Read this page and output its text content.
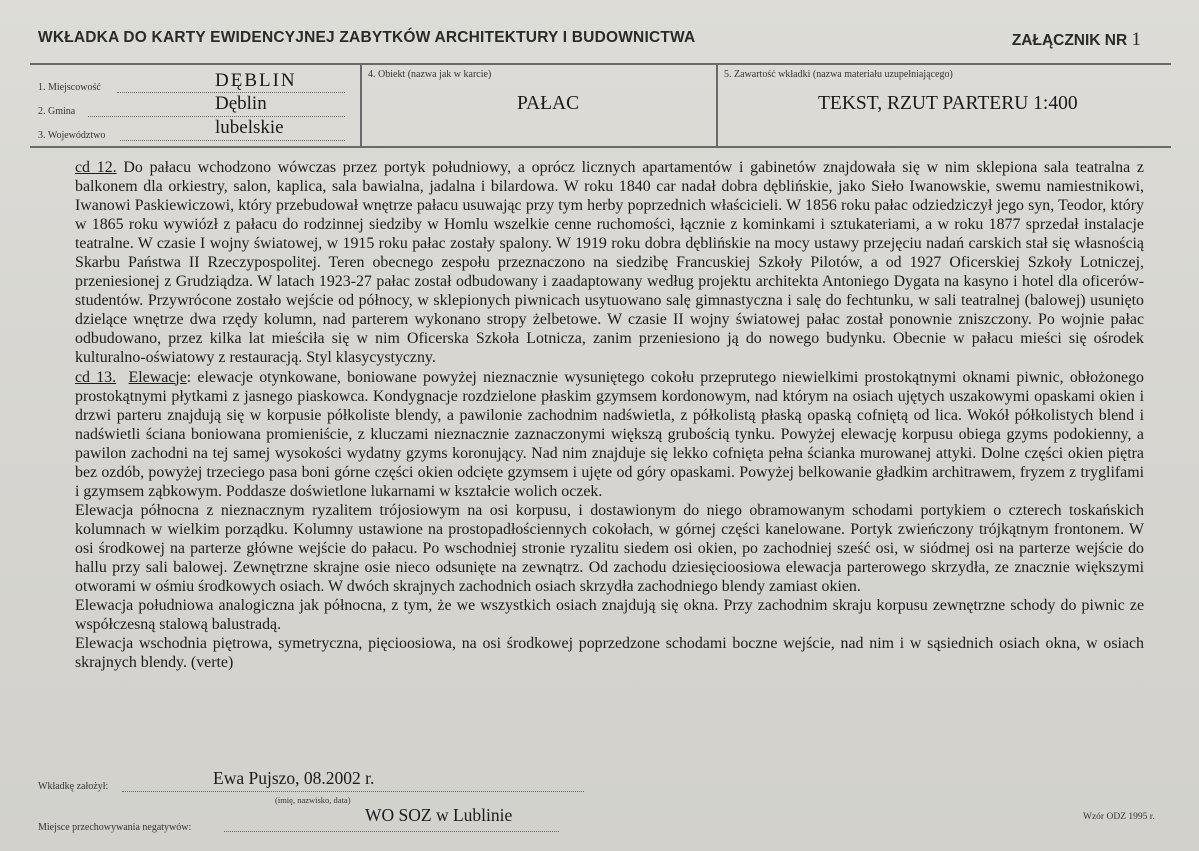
WKŁADKA DO KARTY EWIDENCYJNEJ ZABYTKÓW ARCHITEKTURY I BUDOWNICTWA	ZAŁĄCZNIK NR 1
1. Miejscowość	DĘBLIN
2. Gmina	Dęblin
3. Województwo	lubelskie
4. Obiekt (nazwa jak w karcie)
PAŁAC
5. Zawartość wkładki (nazwa materiału uzupełniającego)
TEKST, RZUT PARTERU 1:400

cd 12. Do pałacu wchodzono wówczas przez portyk południowy, a oprócz licznych apartamentów i gabinetów znajdowała się w nim sklepiona sala teatralna z balkonem dla orkiestry, salon, kaplica, sala bawialna, jadalna i bilardowa. W roku 1840 car nadał dobra dęblińskie, jako Sieło Iwanowskie, swemu namiestnikowi, Iwanowi Paskiewiczowi, który przebudował wnętrze pałacu usuwając przy tym herby poprzednich właścicieli. W 1856 roku pałac odziedziczył jego syn, Teodor, który w 1865 roku wywiózł z pałacu do rodzinnej siedziby w Homlu wszelkie cenne ruchomości, łącznie z kominkami i sztukateriami, a w roku 1877 sprzedał instalacje teatralne. W czasie I wojny światowej, w 1915 roku pałac zostały spalony. W 1919 roku dobra dęblińskie na mocy ustawy przejęciu nadań carskich stał się własnością Skarbu Państwa II Rzeczypospolitej. Teren obecnego zespołu przeznaczono na siedzibę Francuskiej Szkoły Pilotów, a od 1927 Oficerskiej Szkoły Lotniczej, przeniesionej z Grudziądza. W latach 1923-27 pałac został odbudowany i zaadaptowany według projektu architekta Antoniego Dygata na kasyno i hotel dla oficerów-studentów. Przywrócone zostało wejście od północy, w sklepionych piwnicach usytuowano salę gimnastyczna i salę do fechtunku, w sali teatralnej (balowej) usunięto dzielące wnętrze dwa rzędy kolumn, nad parterem wykonano stropy żelbetowe. W czasie II wojny światowej pałac został ponownie zniszczony. Po wojnie pałac odbudowano, przez kilka lat mieściła się w nim Oficerska Szkoła Lotnicza, zanim przeniesiono ją do nowego budynku. Obecnie w pałacu mieści się ośrodek kulturalno-oświatowy z restauracją. Styl klasycystyczny.

cd 13. Elewacje: elewacje otynkowane, boniowane powyżej nieznacznie wysuniętego cokołu przeprutego niewielkimi prostokątnymi oknami piwnic, obłożonego prostokątnymi płytkami z jasnego piaskowca. Kondygnacje rozdzielone płaskim gzymsem kordonowym, nad którym na osiach ujętych uszakowymi opaskami okien i drzwi parteru znajdują się w korpusie półkoliste blendy, a pawilonie zachodnim nadświetla, z półkolistą płaską opaską cofniętą od lica. Wokół półkolistych blend i nadświetli ściana boniowana promieniście, z kluczami nieznacznie zaznaczonymi większą grubością tynku. Powyżej elewację korpusu obiega gzyms podokienny, a pawilon zachodni na tej samej wysokości wydatny gzyms koronujący. Nad nim znajduje się lekko cofnięta pełna ścianka murowanej attyki. Dolne części okien piętra bez ozdób, powyżej trzeciego pasa boni górne części okien odcięte gzymsem i ujęte od góry opaskami. Powyżej belkowanie gładkim architrawem, fryzem z tryglifami i gzymsem ząbkowym. Poddasze doświetlone lukarnami w kształcie wolich oczek.

Elewacja północna z nieznacznym ryzalitem trójosiowym na osi korpusu, i dostawionym do niego obramowanym schodami portykiem o czterech toskańskich kolumnach w wielkim porządku. Kolumny ustawione na prostopadłościennych cokołach, w górnej części kanelowane. Portyk zwieńczony trójkątnym frontonem. W osi środkowej na parterze główne wejście do pałacu. Po wschodniej stronie ryzalitu siedem osi okien, po zachodniej sześć osi, w siódmej osi na parterze wejście do hallu przy sali balowej. Zewnętrzne skrajne osie nieco odsunięte na zewnątrz. Od zachodu dziesięcioosiowa elewacja parterowego skrzydła, ze znacznie większymi otworami w ośmiu środkowych osiach. W dwóch skrajnych zachodnich osiach skrzydła zachodniego blendy zamiast okien.

Elewacja południowa analogiczna jak północna, z tym, że we wszystkich osiach znajdują się okna. Przy zachodnim skraju korpusu zewnętrzne schody do piwnic ze współczesną stalową balustradą.

Elewacja wschodnia piętrowa, symetryczna, pięcioosiowa, na osi środkowej poprzedzone schodami boczne wejście, nad nim i w sąsiednich osiach okna, w osiach skrajnych blendy. (verte)

Wkładkę założył:	Ewa Pujszo, 08.2002 r.
(imię, nazwisko, data)
Miejsce przechowywania negatywów:
WO SOZ w Lublinie	Wzór ODZ 1995 r.
